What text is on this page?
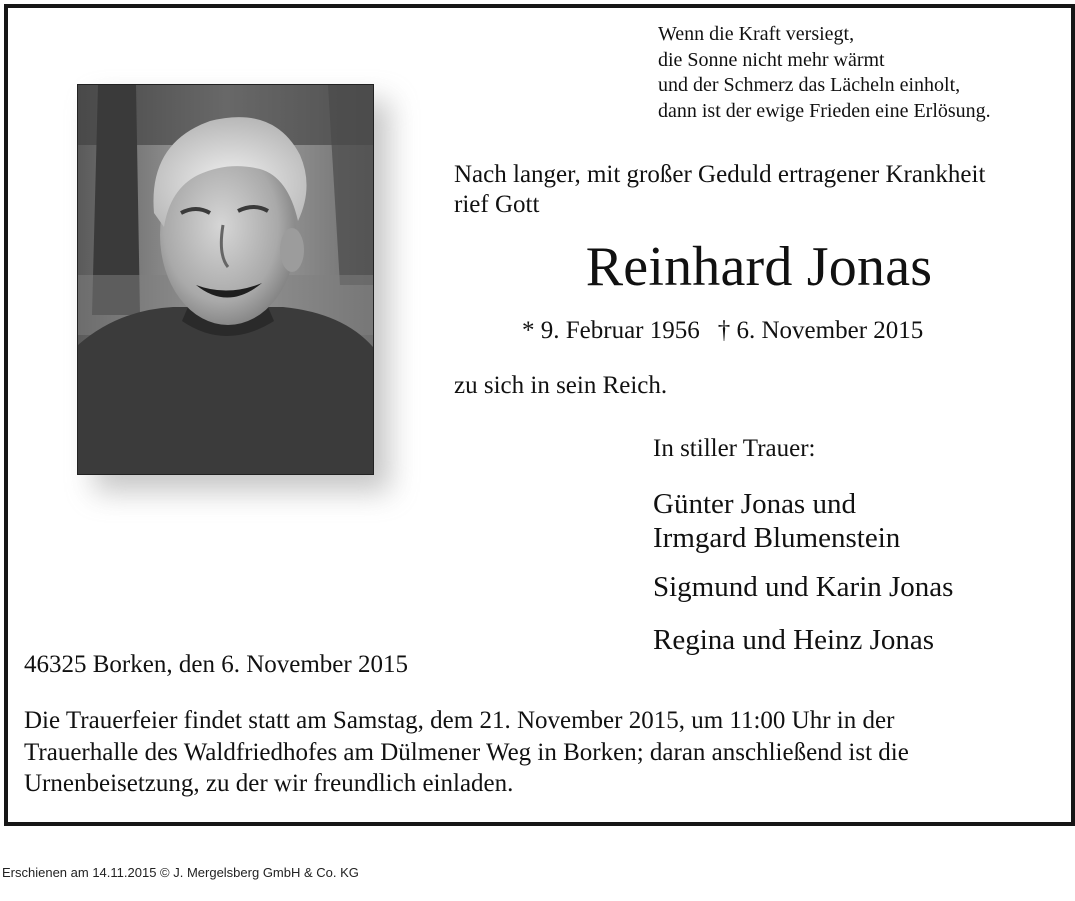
Wenn die Kraft versiegt,
die Sonne nicht mehr wärmt
und der Schmerz das Lächeln einholt,
dann ist der ewige Frieden eine Erlösung.
Nach langer, mit großer Geduld ertragener Krankheit
rief Gott
Reinhard Jonas
* 9. Februar 1956 † 6. November 2015
zu sich in sein Reich.
In stiller Trauer:
Günter Jonas und
Irmgard Blumenstein
Sigmund und Karin Jonas
Regina und Heinz Jonas
46325 Borken, den 6. November 2015
Die Trauerfeier findet statt am Samstag, dem 21. November 2015, um 11:00 Uhr in der
Trauerhalle des Waldfriedhofes am Dülmener Weg in Borken; daran anschließend ist die
Urnenbeisetzung, zu der wir freundlich einladen.
Erschienen am 14.11.2015 © J. Mergelsberg GmbH & Co. KG
